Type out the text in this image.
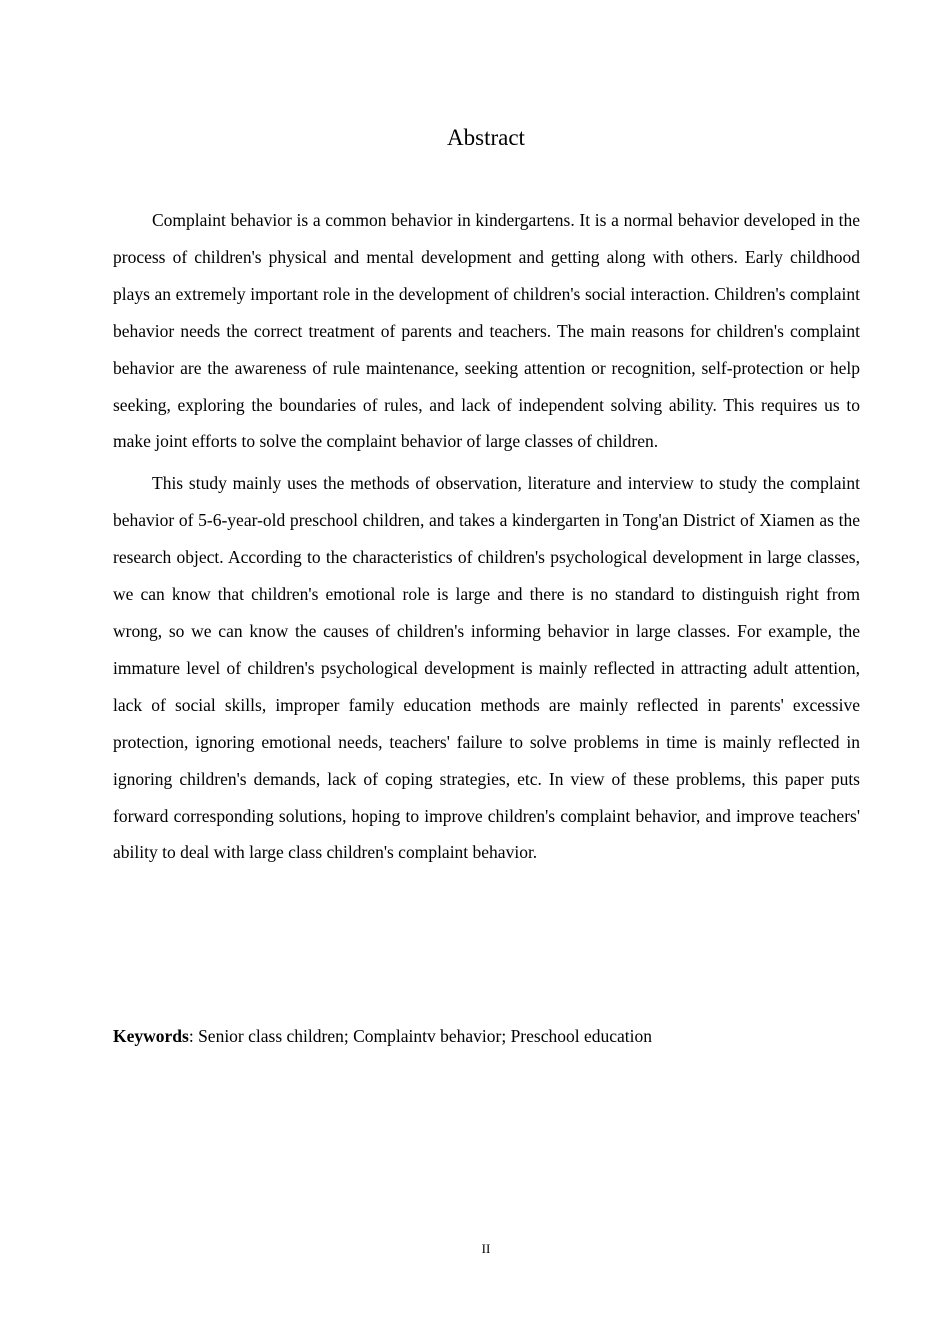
Abstract

Complaint behavior is a common behavior in kindergartens. It is a normal behavior developed in the process of children's physical and mental development and getting along with others. Early childhood plays an extremely important role in the development of children's social interaction. Children's complaint behavior needs the correct treatment of parents and teachers. The main reasons for children's complaint behavior are the awareness of rule maintenance, seeking attention or recognition, self-protection or help seeking, exploring the boundaries of rules, and lack of independent solving ability. This requires us to make joint efforts to solve the complaint behavior of large classes of children.

This study mainly uses the methods of observation, literature and interview to study the complaint behavior of 5-6-year-old preschool children, and takes a kindergarten in Tong'an District of Xiamen as the research object. According to the characteristics of children's psychological development in large classes, we can know that children's emotional role is large and there is no standard to distinguish right from wrong, so we can know the causes of children's informing behavior in large classes. For example, the immature level of children's psychological development is mainly reflected in attracting adult attention, lack of social skills, improper family education methods are mainly reflected in parents' excessive protection, ignoring emotional needs, teachers' failure to solve problems in time is mainly reflected in ignoring children's demands, lack of coping strategies, etc. In view of these problems, this paper puts forward corresponding solutions, hoping to improve children's complaint behavior, and improve teachers' ability to deal with large class children's complaint behavior.

Keywords: Senior class children; Complaintv behavior; Preschool education

II
